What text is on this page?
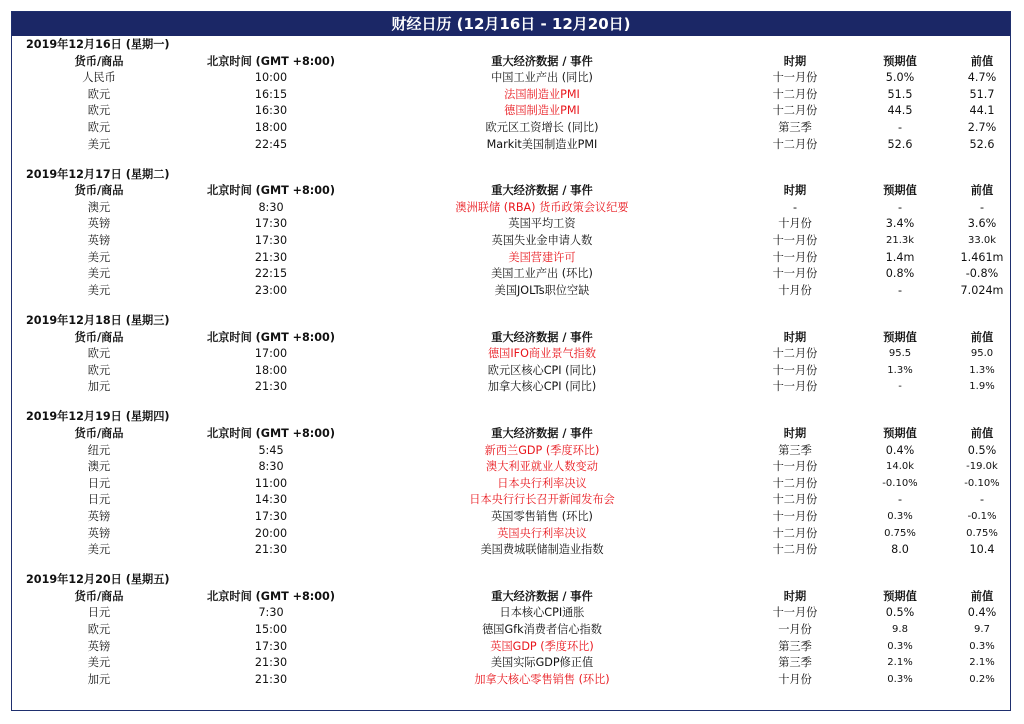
财经日历 (12月16日 - 12月20日)
2019年12月16日 (星期一)
货币/商品	北京时间 (GMT +8:00)	重大经济数据 / 事件	时期	预期值	前值
人民币	10:00	中国工业产出 (同比)	十一月份	5.0%	4.7%
欧元	16:15	法国制造业PMI	十二月份	51.5	51.7
欧元	16:30	德国制造业PMI	十二月份	44.5	44.1
欧元	18:00	欧元区工资增长 (同比)	第三季	-	2.7%
美元	22:45	Markit美国制造业PMI	十二月份	52.6	52.6
2019年12月17日 (星期二)
货币/商品	北京时间 (GMT +8:00)	重大经济数据 / 事件	时期	预期值	前值
澳元	8:30	澳洲联储 (RBA) 货币政策会议纪要	-	-	-
英镑	17:30	英国平均工资	十月份	3.4%	3.6%
英镑	17:30	英国失业金申请人数	十一月份	21.3k	33.0k
美元	21:30	美国营建许可	十一月份	1.4m	1.461m
美元	22:15	美国工业产出 (环比)	十一月份	0.8%	-0.8%
美元	23:00	美国JOLTs职位空缺	十月份	-	7.024m
2019年12月18日 (星期三)
货币/商品	北京时间 (GMT +8:00)	重大经济数据 / 事件	时期	预期值	前值
欧元	17:00	德国IFO商业景气指数	十二月份	95.5	95.0
欧元	18:00	欧元区核心CPI (同比)	十一月份	1.3%	1.3%
加元	21:30	加拿大核心CPI (同比)	十一月份	-	1.9%
2019年12月19日 (星期四)
货币/商品	北京时间 (GMT +8:00)	重大经济数据 / 事件	时期	预期值	前值
纽元	5:45	新西兰GDP (季度环比)	第三季	0.4%	0.5%
澳元	8:30	澳大利亚就业人数变动	十一月份	14.0k	-19.0k
日元	11:00	日本央行利率决议	十二月份	-0.10%	-0.10%
日元	14:30	日本央行行长召开新闻发布会	十二月份	-	-
英镑	17:30	英国零售销售 (环比)	十一月份	0.3%	-0.1%
英镑	20:00	英国央行利率决议	十二月份	0.75%	0.75%
美元	21:30	美国费城联储制造业指数	十二月份	8.0	10.4
2019年12月20日 (星期五)
货币/商品	北京时间 (GMT +8:00)	重大经济数据 / 事件	时期	预期值	前值
日元	7:30	日本核心CPI通胀	十一月份	0.5%	0.4%
欧元	15:00	德国Gfk消费者信心指数	一月份	9.8	9.7
英镑	17:30	英国GDP (季度环比)	第三季	0.3%	0.3%
美元	21:30	美国实际GDP修正值	第三季	2.1%	2.1%
加元	21:30	加拿大核心零售销售 (环比)	十月份	0.3%	0.2%
